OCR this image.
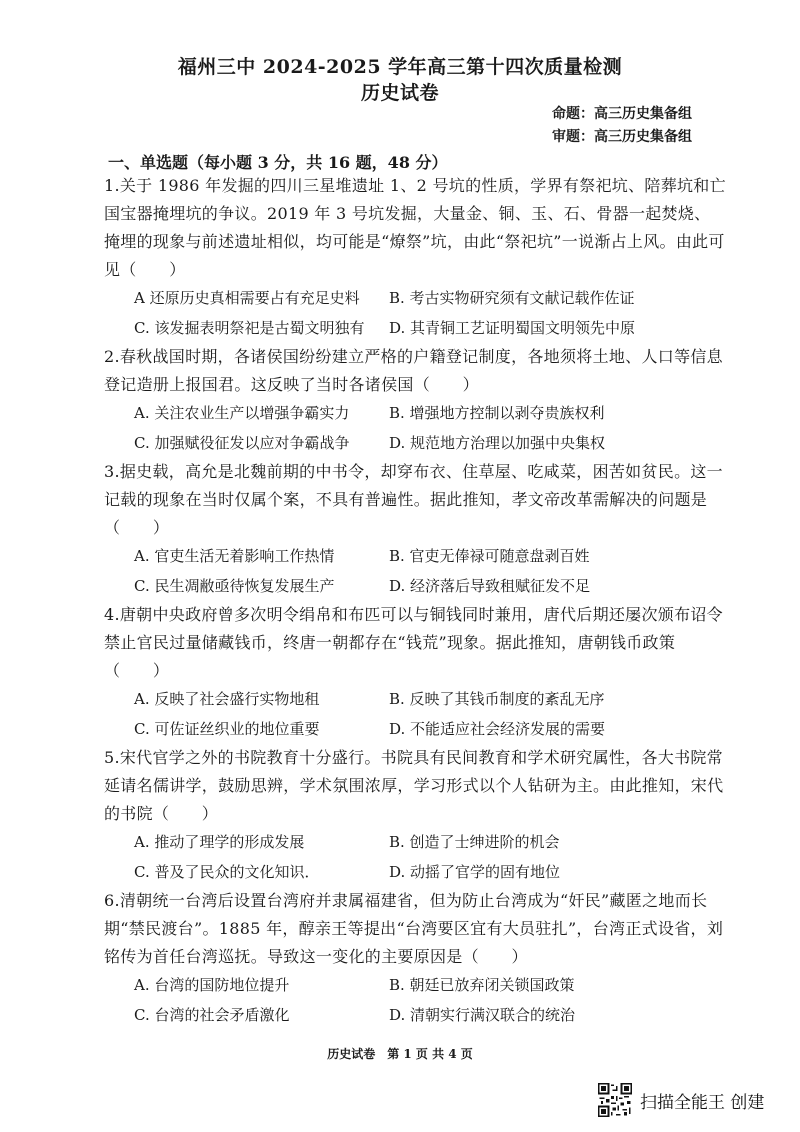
福州三中 2024-2025 学年高三第十四次质量检测
历史试卷
命题：高三历史集备组
审题：高三历史集备组
一、单选题（每小题 3 分，共 16 题，48 分）
1.关于 1986 年发掘的四川三星堆遗址 1、2 号坑的性质，学界有祭祀坑、陪葬坑和亡国宝器掩埋坑的争议。2019 年 3 号坑发掘，大量金、铜、玉、石、骨器一起焚烧、掩埋的现象与前述遗址相似，均可能是“燎祭”坑，由此“祭祀坑”一说渐占上风。由此可见（　　）
A 还原历史真相需要占有充足史料	B. 考古实物研究须有文献记载作佐证
C. 该发掘表明祭祀是古蜀文明独有	D. 其青铜工艺证明蜀国文明领先中原
2.春秋战国时期，各诸侯国纷纷建立严格的户籍登记制度，各地须将土地、人口等信息登记造册上报国君。这反映了当时各诸侯国（　　）
A. 关注农业生产以增强争霸实力	B. 增强地方控制以剥夺贵族权利
C. 加强赋役征发以应对争霸战争	D. 规范地方治理以加强中央集权
3.据史载，高允是北魏前期的中书令，却穿布衣、住草屋、吃咸菜，困苦如贫民。这一记载的现象在当时仅属个案，不具有普遍性。据此推知，孝文帝改革需解决的问题是（　　）
A. 官吏生活无着影响工作热情	B. 官吏无俸禄可随意盘剥百姓
C. 民生凋敝亟待恢复发展生产	D. 经济落后导致租赋征发不足
4.唐朝中央政府曾多次明令绢帛和布匹可以与铜钱同时兼用，唐代后期还屡次颁布诏令禁止官民过量储藏钱币，终唐一朝都存在“钱荒”现象。据此推知，唐朝钱币政策（　　）
A. 反映了社会盛行实物地租	B. 反映了其钱币制度的紊乱无序
C. 可佐证丝织业的地位重要	D. 不能适应社会经济发展的需要
5.宋代官学之外的书院教育十分盛行。书院具有民间教育和学术研究属性，各大书院常延请名儒讲学，鼓励思辨，学术氛围浓厚，学习形式以个人钻研为主。由此推知，宋代的书院（　　）
A. 推动了理学的形成发展	B. 创造了士绅进阶的机会
C. 普及了民众的文化知识．	D. 动摇了官学的固有地位
6.清朝统一台湾后设置台湾府并隶属福建省，但为防止台湾成为“奸民”藏匿之地而长期“禁民渡台”。1885 年，醇亲王等提出“台湾要区宜有大员驻扎”，台湾正式设省，刘铭传为首任台湾巡抚。导致这一变化的主要原因是（　　）
A. 台湾的国防地位提升	B. 朝廷已放弃闭关锁国政策
C. 台湾的社会矛盾激化	D. 清朝实行满汉联合的统治
历史试卷　第 1 页 共 4 页
扫描全能王 创建
